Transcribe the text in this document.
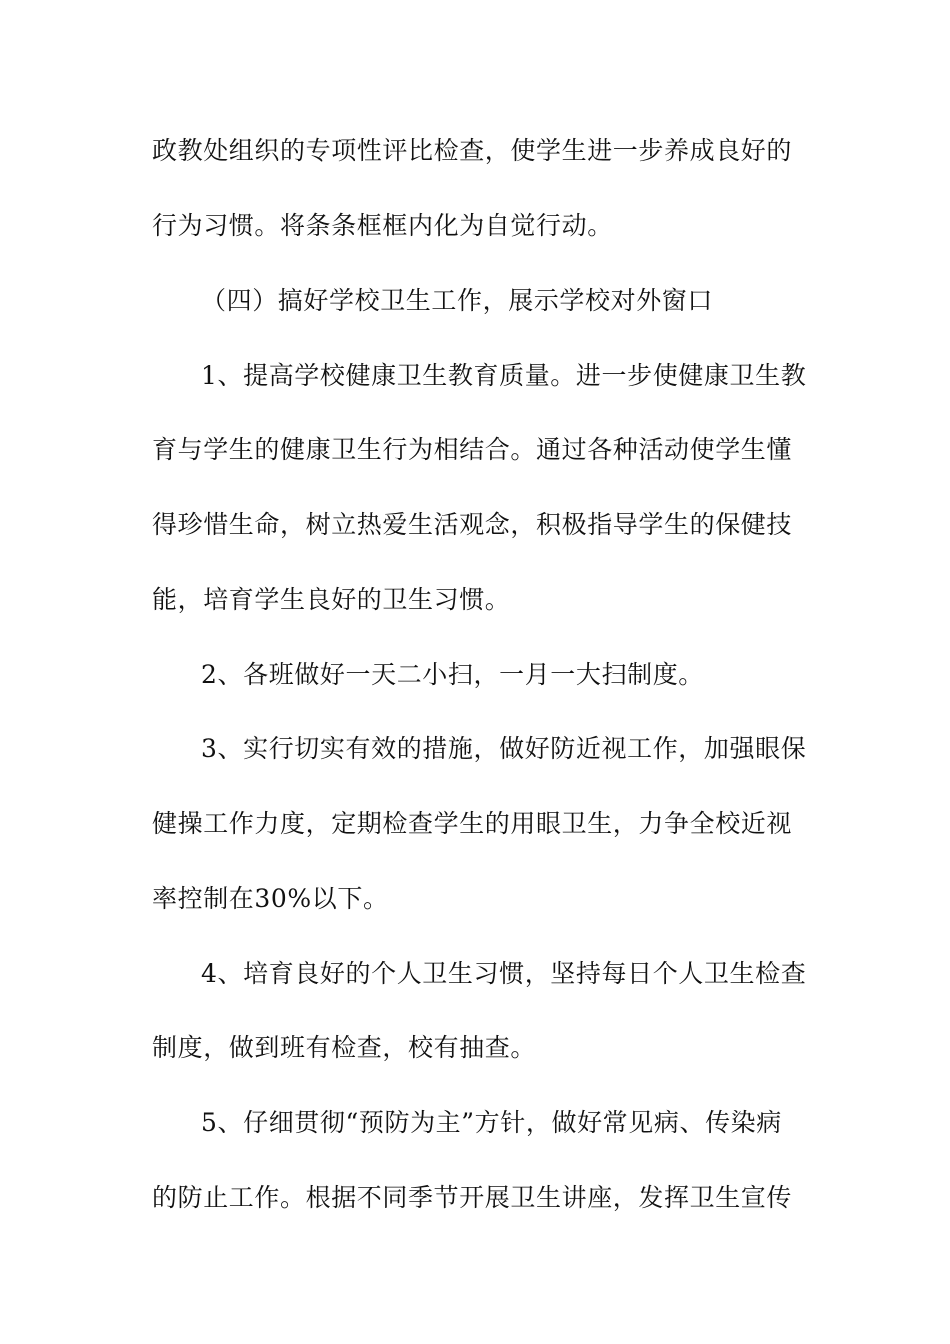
政教处组织的专项性评比检查，使学生进一步养成良好的
行为习惯。将条条框框内化为自觉行动。
（四）搞好学校卫生工作，展示学校对外窗口
1、提高学校健康卫生教育质量。进一步使健康卫生教
育与学生的健康卫生行为相结合。通过各种活动使学生懂
得珍惜生命，树立热爱生活观念，积极指导学生的保健技
能，培育学生良好的卫生习惯。
2、各班做好一天二小扫，一月一大扫制度。
3、实行切实有效的措施，做好防近视工作，加强眼保
健操工作力度，定期检查学生的用眼卫生，力争全校近视
率控制在30%以下。
4、培育良好的个人卫生习惯，坚持每日个人卫生检查
制度，做到班有检查，校有抽查。
5、仔细贯彻“预防为主”方针，做好常见病、传染病
的防止工作。根据不同季节开展卫生讲座，发挥卫生宣传
